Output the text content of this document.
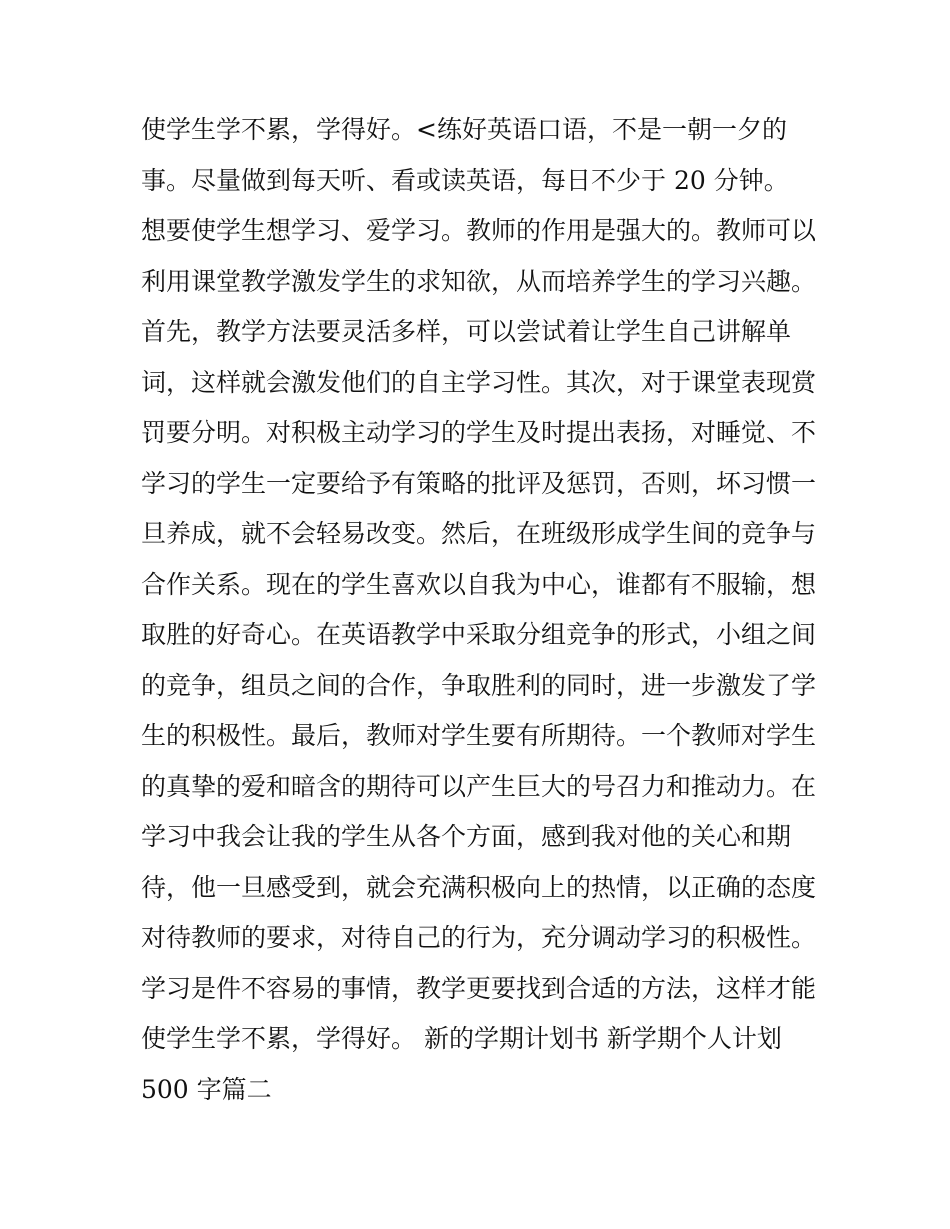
使学生学不累，学得好。<练好英语口语，不是一朝一夕的
事。尽量做到每天听、看或读英语，每日不少于 20 分钟。
想要使学生想学习、爱学习。教师的作用是强大的。教师可以
利用课堂教学激发学生的求知欲，从而培养学生的学习兴趣。
首先，教学方法要灵活多样，可以尝试着让学生自己讲解单
词，这样就会激发他们的自主学习性。其次，对于课堂表现赏
罚要分明。对积极主动学习的学生及时提出表扬，对睡觉、不
学习的学生一定要给予有策略的批评及惩罚，否则，坏习惯一
旦养成，就不会轻易改变。然后，在班级形成学生间的竞争与
合作关系。现在的学生喜欢以自我为中心，谁都有不服输，想
取胜的好奇心。在英语教学中采取分组竞争的形式，小组之间
的竞争，组员之间的合作，争取胜利的同时，进一步激发了学
生的积极性。最后，教师对学生要有所期待。一个教师对学生
的真挚的爱和暗含的期待可以产生巨大的号召力和推动力。在
学习中我会让我的学生从各个方面，感到我对他的关心和期
待，他一旦感受到，就会充满积极向上的热情，以正确的态度
对待教师的要求，对待自己的行为，充分调动学习的积极性。
学习是件不容易的事情，教学更要找到合适的方法，这样才能
使学生学不累，学得好。 新的学期计划书 新学期个人计划
500 字篇二
